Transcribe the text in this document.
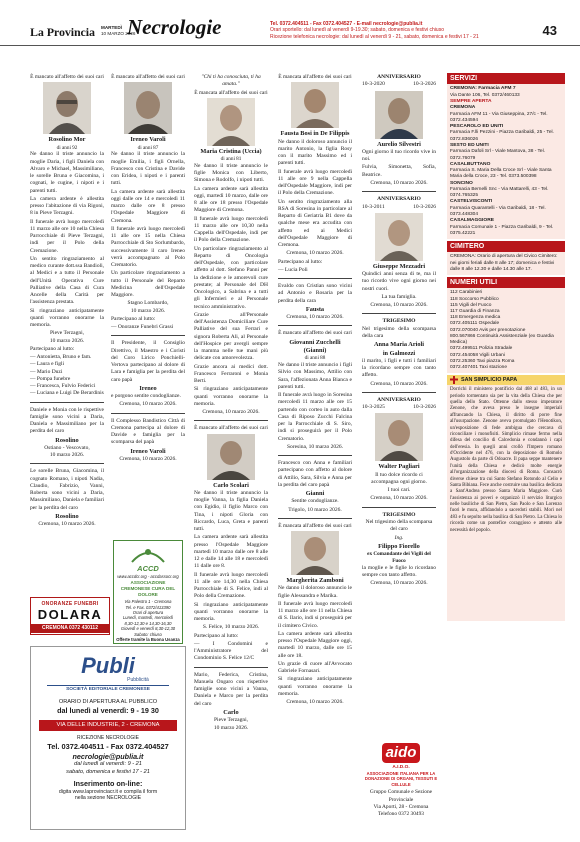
La Provincia MARTEDÌ
10 MARZO 2026
Necrologie	Tel. 0372.404511 - Fax 0372.404527 - E-mail necrologie@publia.it
Orari sportello: dal lunedì al venerdì 9-19.30; sabato, domenica e festivi chiuso
Ricezione telefonica necrologie: dal lunedì al venerdì 9 - 21, sabato, domenica e festivi 17 - 21	43

È mancato all'affetto dei suoi cari

Rosolino Mor
di anni 92

Ne danno il triste annuncio la moglie Daria, i figli Daniela con Alvaro e Michael, Massimiliano, le sorelle Bruna e Giacomina, i cognati, le cugine, i nipoti e i parenti tutti.

La camera ardente è allestita presso l'abitazione di via Rigoni, 8 in Pieve Terzagni.

Il funerale avrà luogo mercoledì 11 marzo alle ore 10 nella Chiesa Parrocchiale di Pieve Terzagni, indi per il Polo della Cremazione.

Un sentito ringraziamento al medico curante dott.ssa Bandioli, al Medici e a tutto il Personale dell'Unità Operativa Cure Palliative della Casa di Cura Ancelle della Carità per l'assistenza prestata.

Si ringraziano anticipatamente quanti vorranno onorarne la memoria.

Pieve Terzagni,
10 marzo 2026.

Partecipano al lutto:

— Antonietta, Bruno e fam.
— Laura e figli
— Mario Duzi
— Pompa funebre
— Francesca, Fulvio Federici
— Luciana e Luigi De Berardinis

Daniele e Monia con le rispettive famiglie sono vicini a Daria, Daniela e Massimiliano per la perdita del caro

Rosolino

Ostiano - Vescovato,
10 marzo 2026.

Le sorelle Bruna, Giacomina, il cognato Romano, i nipoti Nadia, Claudio, Fabrizio, Vanni, Roberta sono vicini a Daria, Massimiliano, Daniela e familiari per la perdita del caro

Rosolino

Cremona, 10 marzo 2026.

ONORANZE FUNEBRI
DOLARA
CREMONA 0372 430112
Publi
Pubblicità
SOCIETÀ EDITORIALE CREMONESE
ORARIO DI APERTURA AL PUBBLICO
dal lunedì al venerdì: 9 - 19 30
VIA DELLE INDUSTRIE, 2 - CREMONA
RICEZIONE NECROLOGIE
Tel. 0372.404511 - Fax 0372.404527
necrologie@publia.it
dal lunedì al venerdì: 9 - 21
sabato, domenica e festivi 17 - 21
Inserimento on-line:
digita www.laprovinciacr.it e compila il form
nella sezione NECROLOGIE

È mancato all'affetto dei suoi cari

Ireneo Varoli
di anni 87

Ne danno il triste annuncio la moglie Emilia, i figli Ornella, Francesco con Cristina e Davide con Eridea, i nipoti e i parenti tutti.

La camera ardente sarà allestita oggi dalle ore 14 e mercoledì 11 marzo dalle ore 8 presso l'Ospedale Maggiore di Cremona.

Il funerale avrà luogo mercoledì 11 alle ore 15 nella Chiesa Parrocchiale di Sto Sorlumbardo, successivamente il caro Ireneo verrà accompagnato al Polo Crematorio.

Un particolare ringraziamento a tutto il Personale del Reparto Medicina dell'Ospedale Maggiore.

Stagno Lombardo,
10 marzo 2026.

Partecipano al lutto:

— Onoranze Funebri Grassi

Il Presidente, il Consiglio Direttivo, il Maestro e i Coristi del Coro Lirico Ponchielli-Vertova partecipano al dolore di Lara e famiglia per la perdita del caro papà

Ireneo

e porgono sentite condoglianze.

Cremona, 10 marzo 2026.

Il Complesso Bandistico Città di Cremona partecipa al dolore di Davide e famiglia per la scomparsa del papà

Ireneo Varoli

Cremona, 10 marzo 2026.

ACCD
www.accdcr.org - accdassocr.org
ASSOCIAZIONE CREMONESE CURA DEL DOLORE
Via Palestro 1 - Cremona
Tel. e Fax. 0372/413390
Orari di apertura
Lunedì, martedì, mercoledì
8,30-12,30 e 14,30-16,30
Giovedì e venerdì 8,30-12,30
Sabato: chiuso
Offerte tramite la Buona Usanza

"Chi ti ha conosciuta, ti ha amata."

È mancata all'affetto dei suoi cari

Maria Cristina (Uccia)
di anni 81

Ne danno il triste annuncio le figlie Monica con Liberto, Simona e Rodolfo, i nipoti tutti.

La camera ardente sarà allestita oggi, martedì 10 marzo, dalle ore 8 alle ore 18 presso l'Ospedale Maggiore di Cremona.

Il funerale avrà luogo mercoledì 11 marzo alle ore 10,30 nella Cappella dell'Ospedale, indi per il Polo della Cremazione.

Un particolare ringraziamento al Reparto di Oncologia dell'Ospedale, con particolare affetto al dott. Stefano Panni per la dedizione e le amorevoli cure prestate; al Personale del DH Oncologico, a Sabrina e a tutti gli Infermieri e al Personale tecnico amministrativo.

Grazie all'Personale dell'Assistenza Domiciliare Cure Palliative del sua Ferrari e signora Roberta Ali, al Personale dell'Hospice per avergli sempre la mamma nelle tue mani più delicate con amorevolezza.

Grazie ancora ai medici dott. Francesco Ferraroni e Monia Berti.

Si ringraziano anticipatamente quanti vorranno onorarne la memoria.

Cremona, 10 marzo 2026.

È mancato all'affetto dei suoi cari

Carlo Scolari

Ne danno il triste annuncio la moglie Vanna, la figlia Daniela con Egidio, il figlio Marco con Tina, i nipoti Gloria con Riccardo, Luca, Greta e parenti tutti.

La camera ardente sarà allestita presso l'Ospedale Maggiore martedì 10 marzo dalle ore 8 alle 12 e dalle 14 alle 18 e mercoledì 11 dalle ore 8.

Il funerale avrà luogo mercoledì 11 alle ore 14,30 nella Chiesa Parrocchiale di S. Felice, indi al Polo della Cremazione.

Si ringraziano anticipatamente quanti vorranno onorarne la memoria.

S. Felice, 10 marzo 2026.

Partecipano al lutto:

— I Condomini e l'Amministratore del Condominio S. Felice 12/C

Mario, Federica, Cristina, Manuela Ongaro con rispettive famiglie sono vicini a Vanna, Daniela e Marco per la perdita del caro

Carlo

Pieve Terzagni,
10 marzo 2026.

È mancata all'affetto dei suoi cari

Fausta Bosi in De Filippis

Ne danno il doloroso annuncio il marito Antonio, la figlia Rosy con il marito Massimo ed i parenti tutti.

Il funerale avrà luogo mercoledì 11 alle ore 9 nella Cappella dell'Ospedale Maggiore, indi per il Polo della Cremazione.

Un sentito ringraziamento alla RSA di Soresina in particolare al Reparto di Geriatria B1 dove da qualche mese era accudita con affetto ed ai Medici dell'Ospedale Maggiore di Cremona.

Cremona, 10 marzo 2026.

Partecipano al lutto:

— Lucia Poli

Evaldo con Cristian sono vicini ad Antonio e Rosaria per la perdita della cara

Fausta

Cremona, 10 marzo 2026.

È mancato all'affetto dei suoi cari

Giovanni Zucchelli (Gianni)
di anni 88

Ne danno il triste annuncio i figli Silvio con Massimo, Attilio con Sara, l'affezionata Anna Bianca e parenti tutti.

Il funerale avrà luogo in Soresina mercoledì 11 marzo alle ore 15 partendo con corteo in auto dalla Casa di Riposo Zucchi Falcina per la Parrocchiale di S. Siro, indi si proseguirà per il Polo Crematorio.

Soresina, 10 marzo 2026.

Francesco con Anna e familiari partecipano con affetto al dolore di Attilio, Sara, Silvia e Anna per la perdita del caro papà

Gianni

Sentite condoglianze.

Trigolo, 10 marzo 2026.

È mancata all'affetto dei suoi cari

Margherita Zamboni

Ne danno il doloroso annuncio le figlie Alessandra e Marika.

Il funerale avrà luogo mercoledì 11 marzo alle ore 11 nella Chiesa di S. Ilario, indi si proseguirà per il cimitero Civico.

La camera ardente sarà allestita presso l'Ospedale Maggiore oggi, martedì 10 marzo, dalle ore 15 alle ore 18.

Un grazie di cuore all'Avvocato Gabriele Fornasari.

Si ringraziano anticipatamente quanti vorranno onorarne la memoria.

Cremona, 10 marzo 2026.

ANNIVERSARIO
10-3-2020	10-3-2026
Aurelio Silvestri

Ogni giorno il tuo ricordo vive in noi.

Fulvia, Simonetta, Sofia, Beatrice.

Cremona, 10 marzo 2026.

ANNIVERSARIO
10-3-2011	10-3-2026
Giuseppe Mezzadri

Quindici anni senza di te, ma il tuo ricordo vive ogni giorno nei nostri cuori.

La tua famiglia.

Cremona, 10 marzo 2026.

TRIGESIMO

Nel trigesimo della scomparsa della cara

Anna Maria Arioli
in Galmozzi

il marito, i figli e tutti i familiari la ricordano sempre con tanto affetto.

Cremona, 10 marzo 2026.

ANNIVERSARIO
10-3-2025	10-3-2026
Walter Pagliari

Il tuo dolce ricordo ci accompagna ogni giorno.

I tuoi cari.

Cremona, 10 marzo 2026.

TRIGESIMO

Nel trigesimo della scomparsa del caro

Ing.

Filippo Fiorello
ex Comandante dei Vigili del Fuoco

la moglie e le figlie lo ricordano sempre con tanto affetto.

Cremona, 10 marzo 2026.

aido
A.I.D.O.
ASSOCIAZIONE ITALIANA PER LA DONAZIONE DI ORGANI, TESSUTI E CELLULE
Gruppo Comunale e Sezione Provinciale
Via Aporti, 28 - Cremona
Telefono 0372 30493
SERVIZI
CREMONA: Farmacia AFM 7
Via Dante 106, Tel. 0372/460133
SEMPRE APERTA
CREMONA
Farmacia AFM 11 - Via Giuseppina, 27/c - Tel. 0372.434594
PESCAROLO ED UNITI
Farmacia F.lli Pezzini - Piazza Garibaldi, 25 - Tel. 0372.836026
SESTO ED UNITI
Farmacia Dafoli Srl - Viale Mantova, 38 - Tel. 0372.76079
CASALBUTTANO
Farmacia S. Maria Della Croce Srl - Viale Santa Maria della Croce, 23 - Tel. 0373.500398
SONCINO
Farmacia Bernelli Snc - Via Mattarelli, 43 - Tel. 0374.765325
CASTELVISCONTI
Farmacia Quarantelli - Via Garibaldi, 18 - Tel. 0373.448304
CASALMAGGIORE
Farmacia Comunale 1 - Piazza Garibaldi, 9 - Tel. 0375.42221
CIMITERO
CREMONA: Orario di apertura del Civico Cimitero: nei giorni feriali dalle 8 alle 17; domenica e festivi dalle 8 alle 12.30 e dalle 14.30 alle 17.
NUMERI UTILI
112 Carabinieri
118 Soccorso Pubblico
115 Vigili del Fuoco
117 Guardia di Finanza
118 Emergenza medica
0372.405111 Ospedale
0372.070040 Avis per prenotazione
800.567866 Continuità Assistenziale (ex Guardia Medica)
0372.499511 Polizia Stradale
0372.454058 Vigili Urbani
0372.25360 Taxi piazza Roma
0372.407401 Taxi stazione
SAN SIMPLICIO PAPA
Dorrichi il ministero pontificio dal 468 al 483, in un periodo tormentato sia per la vita della Chiesa che per quella dello Stato. Ottenne dallo stesso imperatore Zenone, che aveva preso le insegne imperiali affrancando la Chiesa, il diritto di porre fine all'usurpazione. Zenone aveva promulgato l'Henotikon, un'esposizione di fede ambigua che cercava di riconciliare i monofisiti. Simplicio rimase fermo nella difesa del concilio di Calcedonia e condannò i capi dell'eresia. In quegli anni crollò l'Impero romano d'Occidente nel 476, con la deposizione di Romolo Augustolo da parte di Odoacre. Il papa seppe mantenere l'unità della Chiesa e dedicò molte energie all'organizzazione della diocesi di Roma. Consacrò diverse chiese tra cui Santo Stefano Rotondo al Celio e Santa Bibiana. Fece anche costruire una basilica dedicata a Sant'Andrea presso Santa Maria Maggiore. Curò l'assistenza ai poveri e organizzò il servizio liturgico nelle basiliche di San Pietro, San Paolo e San Lorenzo fuori le mura, affidandolo a sacerdoti stabili. Morì nel 483 e fu sepolto nella basilica di San Pietro. La Chiesa lo ricorda come un pontefice coraggioso e attento alle necessità del popolo.
